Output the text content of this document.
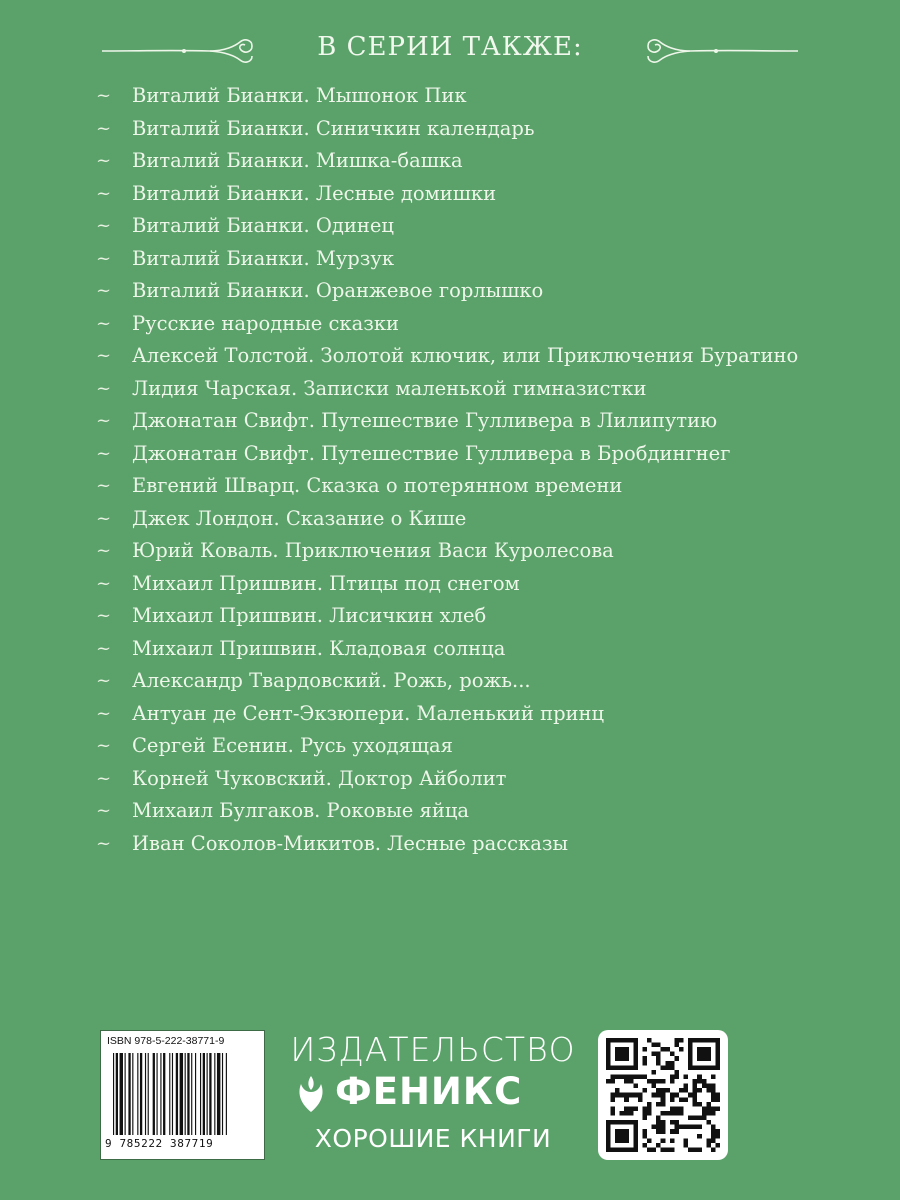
В СЕРИИ ТАКЖЕ:
~	Виталий Бианки. Мышонок Пик
~	Виталий Бианки. Синичкин календарь
~	Виталий Бианки. Мишка-башка
~	Виталий Бианки. Лесные домишки
~	Виталий Бианки. Одинец
~	Виталий Бианки. Мурзук
~	Виталий Бианки. Оранжевое горлышко
~	Русские народные сказки
~	Алексей Толстой. Золотой ключик, или Приключения Буратино
~	Лидия Чарская. Записки маленькой гимназистки
~	Джонатан Свифт. Путешествие Гулливера в Лилипутию
~	Джонатан Свифт. Путешествие Гулливера в Бробдингнег
~	Евгений Шварц. Сказка о потерянном времени
~	Джек Лондон. Сказание о Кише
~	Юрий Коваль. Приключения Васи Куролесова
~	Михаил Пришвин. Птицы под снегом
~	Михаил Пришвин. Лисичкин хлеб
~	Михаил Пришвин. Кладовая солнца
~	Александр Твардовский. Рожь, рожь...
~	Антуан де Сент-Экзюпери. Маленький принц
~	Сергей Есенин. Русь уходящая
~	Корней Чуковский. Доктор Айболит
~	Михаил Булгаков. Роковые яйца
~	Иван Соколов-Микитов. Лесные рассказы
ISBN 978-5-222-38771-9
9 785222 387719
ИЗДАТЕЛЬСТВО
ФЕНИКС
ХОРОШИЕ КНИГИ
